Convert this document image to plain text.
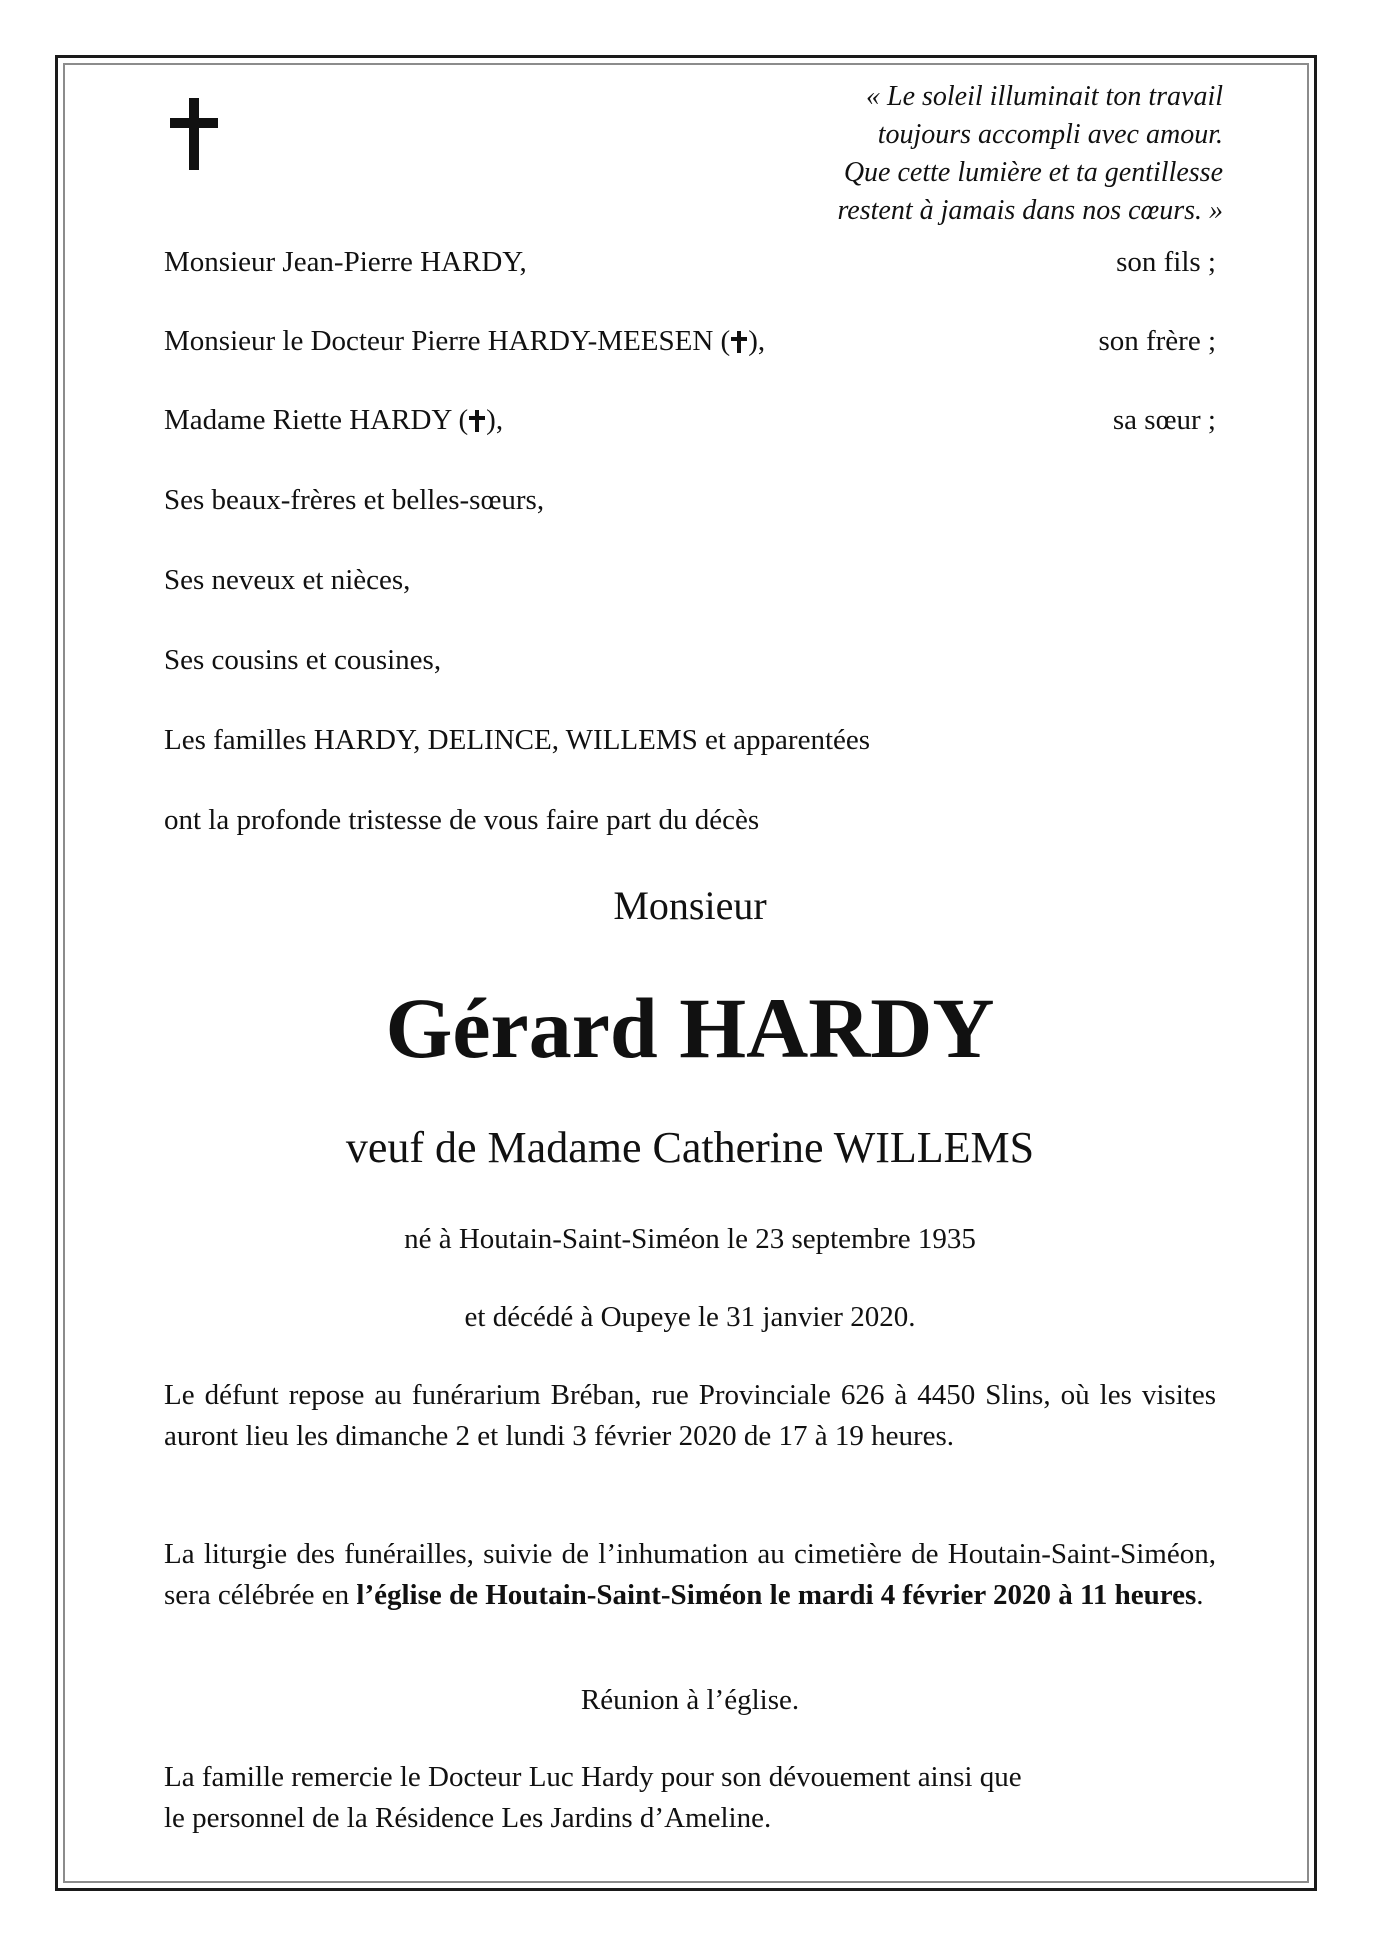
« Le soleil illuminait ton travail
toujours accompli avec amour.
Que cette lumière et ta gentillesse
restent à jamais dans nos cœurs. »
Monsieur Jean-Pierre HARDY,	son fils ;
Monsieur le Docteur Pierre HARDY-MEESEN ( ),	son frère ;
Madame Riette HARDY ( ),	sa sœur ;
Ses beaux-frères et belles-sœurs,
Ses neveux et nièces,
Ses cousins et cousines,
Les familles HARDY, DELINCE, WILLEMS et apparentées
ont la profonde tristesse de vous faire part du décès
Monsieur
Gérard HARDY
veuf de Madame Catherine WILLEMS
né à Houtain-Saint-Siméon le 23 septembre 1935
et décédé à Oupeye le 31 janvier 2020.
Le défunt repose au funérarium Bréban, rue Provinciale 626 à 4450 Slins, où les visites auront lieu les dimanche 2 et lundi 3 février 2020 de 17 à 19 heures.
La liturgie des funérailles, suivie de l’inhumation au cimetière de Houtain-Saint-Siméon, sera célébrée en l’église de Houtain-Saint-Siméon le mardi 4 février 2020 à 11 heures.
Réunion à l’église.
La famille remercie le Docteur Luc Hardy pour son dévouement ainsi que
le personnel de la Résidence Les Jardins d’Ameline.
